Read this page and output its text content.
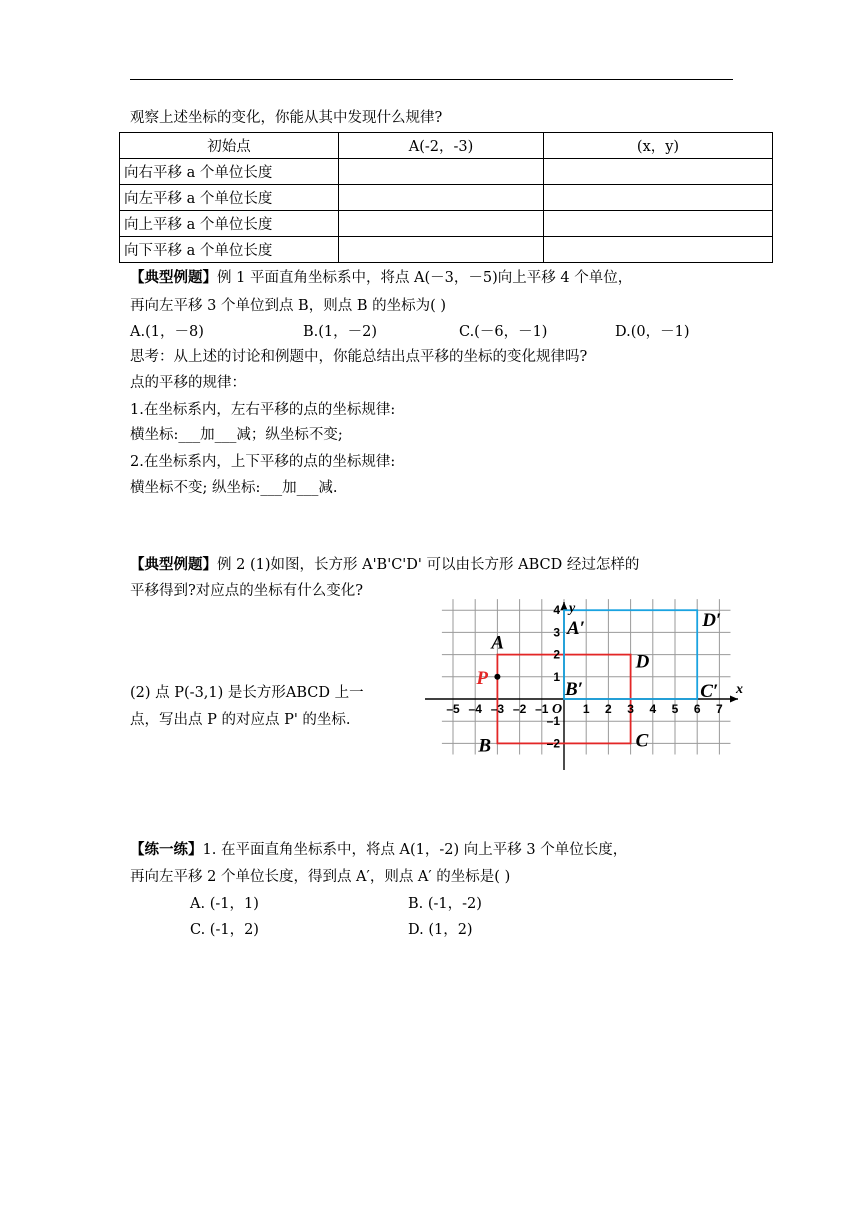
观察上述坐标的变化，你能从其中发现什么规律?
初始点	A(-2，-3)	(x，y)
向右平移 a 个单位长度		
向左平移 a 个单位长度		
向上平移 a 个单位长度		
向下平移 a 个单位长度		
【典型例题】例 1 平面直角坐标系中，将点 A(－3，－5)向上平移 4 个单位，
再向左平移 3 个单位到点 B，则点 B 的坐标为( )
A.(1，－8)	B.(1，－2)	C.(－6，－1)	D.(0，－1)
思考：从上述的讨论和例题中，你能总结出点平移的坐标的变化规律吗?
点的平移的规律：
1.在坐标系内，左右平移的点的坐标规律:
横坐标:___加___减；纵坐标不变;
2.在坐标系内，上下平移的点的坐标规律:
横坐标不变; 纵坐标:___加___减.
【典型例题】例 2 (1)如图，长方形 A'B'C'D' 可以由长方形 ABCD 经过怎样的
平移得到?对应点的坐标有什么变化?
(2) 点 P(-3,1) 是长方形ABCD 上一
点，写出点 P 的对应点 P' 的坐标.
–5 –4 –3 –2 –1	1 2 3 4 5 6 7
4
3
2
1
–1
–2
O
x
y
A
B	C
D
A′
B′	C′
D′
P
【练一练】1. 在平面直角坐标系中，将点 A(1，-2) 向上平移 3 个单位长度，
再向左平移 2 个单位长度，得到点 A′，则点 A′ 的坐标是( )
A. (-1，1)	B. (-1，-2)
C. (-1，2)	D. (1，2)
